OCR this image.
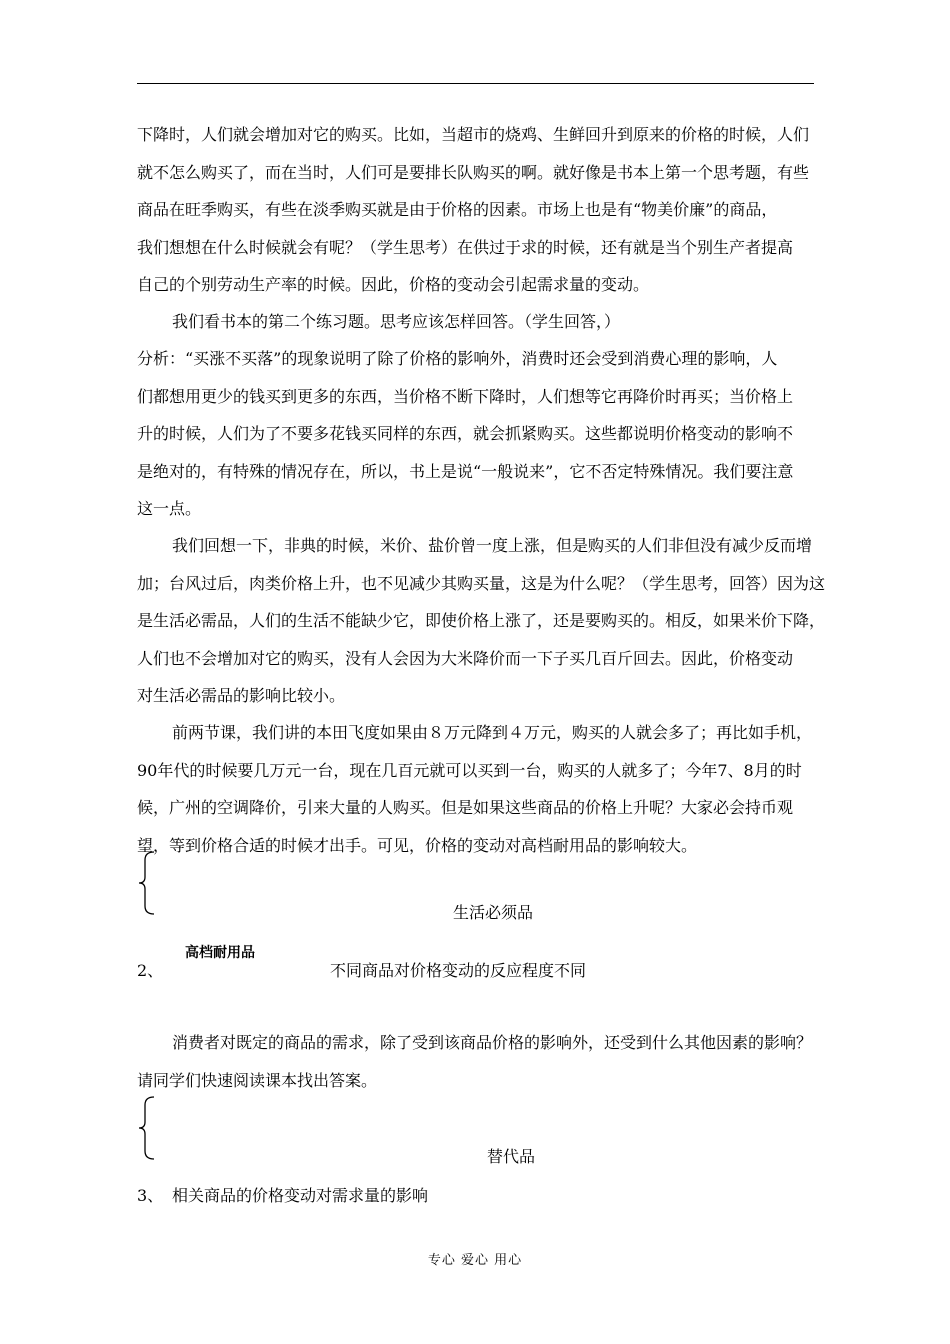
下降时，人们就会增加对它的购买。比如，当超市的烧鸡、生鲜回升到原来的价格的时候，人们
就不怎么购买了，而在当时，人们可是要排长队购买的啊。就好像是书本上第一个思考题，有些
商品在旺季购买，有些在淡季购买就是由于价格的因素。市场上也是有“物美价廉”的商品，
我们想想在什么时候就会有呢？（学生思考）在供过于求的时候，还有就是当个别生产者提高
自己的个别劳动生产率的时候。因此，价格的变动会引起需求量的变动。
我们看书本的第二个练习题。思考应该怎样回答。（学生回答，）
分析：“买涨不买落”的现象说明了除了价格的影响外，消费时还会受到消费心理的影响，人
们都想用更少的钱买到更多的东西，当价格不断下降时，人们想等它再降价时再买；当价格上
升的时候，人们为了不要多花钱买同样的东西，就会抓紧购买。这些都说明价格变动的影响不
是绝对的，有特殊的情况存在，所以，书上是说“一般说来”，它不否定特殊情况。我们要注意
这一点。
我们回想一下，非典的时候，米价、盐价曾一度上涨，但是购买的人们非但没有减少反而增
加；台风过后，肉类价格上升，也不见减少其购买量，这是为什么呢？（学生思考，回答）因为这
是生活必需品，人们的生活不能缺少它，即使价格上涨了，还是要购买的。相反，如果米价下降，
人们也不会增加对它的购买，没有人会因为大米降价而一下子买几百斤回去。因此，价格变动
对生活必需品的影响比较小。
前两节课，我们讲的本田飞度如果由８万元降到４万元，购买的人就会多了；再比如手机，
90年代的时候要几万元一台，现在几百元就可以买到一台，购买的人就多了；今年7、8月的时
候，广州的空调降价，引来大量的人购买。但是如果这些商品的价格上升呢？大家必会持币观
望，等到价格合适的时候才出手。可见，价格的变动对高档耐用品的影响较大。
生活必须品
高档耐用品
2、	不同商品对价格变动的反应程度不同
消费者对既定的商品的需求，除了受到该商品价格的影响外，还受到什么其他因素的影响？
请同学们快速阅读课本找出答案。
替代品
3、 相关商品的价格变动对需求量的影响
专心 爱心 用心
